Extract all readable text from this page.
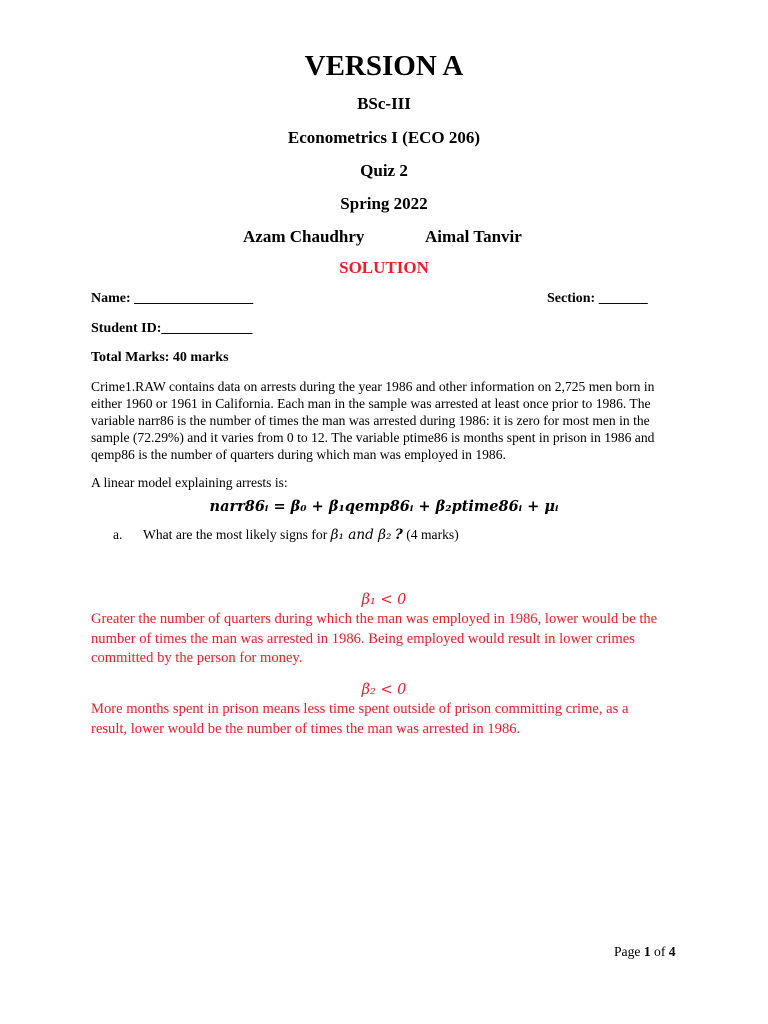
VERSION A
BSc-III
Econometrics I (ECO 206)
Quiz 2
Spring 2022
Azam Chaudhry	Aimal Tanvir
SOLUTION
Name: _________________	Section: _______
Student ID:_____________
Total Marks: 40 marks
Crime1.RAW contains data on arrests during the year 1986 and other information on 2,725 men born in
either 1960 or 1961 in California. Each man in the sample was arrested at least once prior to 1986. The
variable narr86 is the number of times the man was arrested during 1986: it is zero for most men in the
sample (72.29%) and it varies from 0 to 12. The variable ptime86 is months spent in prison in 1986 and
qemp86 is the number of quarters during which man was employed in 1986.
A linear model explaining arrests is:
narr86ᵢ = β₀ + β₁qemp86ᵢ + β₂ptime86ᵢ + μᵢ
a. What are the most likely signs for β₁ and β₂ ? (4 marks)
β₁ < 0
Greater the number of quarters during which the man was employed in 1986, lower would be the
number of times the man was arrested in 1986. Being employed would result in lower crimes
committed by the person for money.
β₂ < 0
More months spent in prison means less time spent outside of prison committing crime, as a
result, lower would be the number of times the man was arrested in 1986.
Page 1 of 4
